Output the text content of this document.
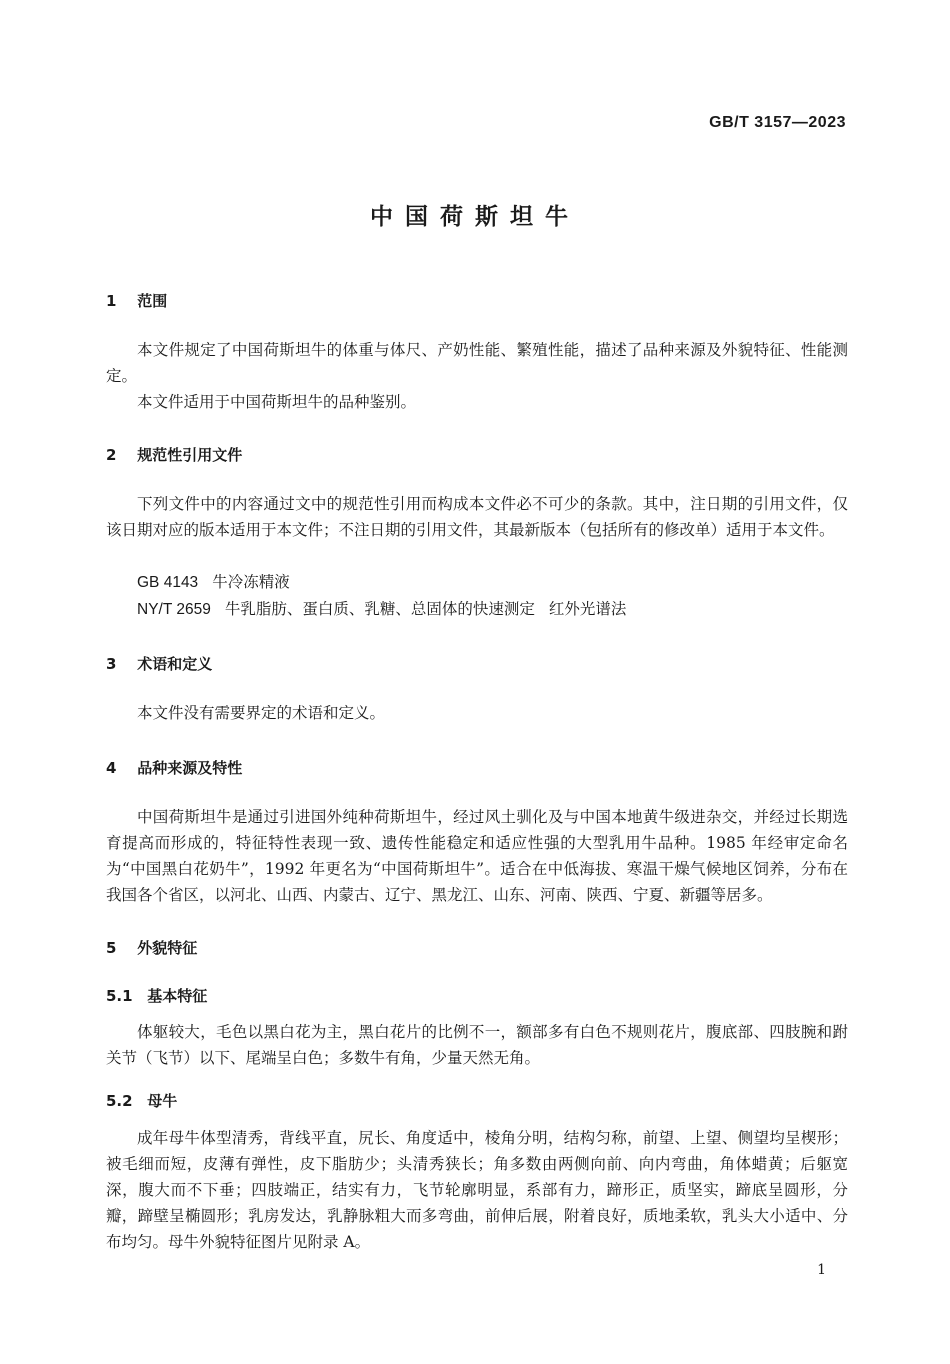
GB/T 3157—2023
中国荷斯坦牛
1 范围
本文件规定了中国荷斯坦牛的体重与体尺、产奶性能、繁殖性能，描述了品种来源及外貌特征、性能测定。
本文件适用于中国荷斯坦牛的品种鉴别。
2 规范性引用文件
下列文件中的内容通过文中的规范性引用而构成本文件必不可少的条款。其中，注日期的引用文件，仅该日期对应的版本适用于本文件；不注日期的引用文件，其最新版本（包括所有的修改单）适用于本文件。
GB 4143 牛冷冻精液
NY/T 2659 牛乳脂肪、蛋白质、乳糖、总固体的快速测定 红外光谱法
3 术语和定义
本文件没有需要界定的术语和定义。
4 品种来源及特性
中国荷斯坦牛是通过引进国外纯种荷斯坦牛，经过风土驯化及与中国本地黄牛级进杂交，并经过长期选育提高而形成的，特征特性表现一致、遗传性能稳定和适应性强的大型乳用牛品种。1985 年经审定命名为“中国黑白花奶牛”，1992 年更名为“中国荷斯坦牛”。适合在中低海拔、寒温干燥气候地区饲养，分布在我国各个省区，以河北、山西、内蒙古、辽宁、黑龙江、山东、河南、陕西、宁夏、新疆等居多。
5 外貌特征
5.1 基本特征
体躯较大，毛色以黑白花为主，黑白花片的比例不一，额部多有白色不规则花片，腹底部、四肢腕和跗关节（飞节）以下、尾端呈白色；多数牛有角，少量天然无角。
5.2 母牛
成年母牛体型清秀，背线平直，尻长、角度适中，棱角分明，结构匀称，前望、上望、侧望均呈楔形；被毛细而短，皮薄有弹性，皮下脂肪少；头清秀狭长；角多数由两侧向前、向内弯曲，角体蜡黄；后躯宽深，腹大而不下垂；四肢端正，结实有力，飞节轮廓明显，系部有力，蹄形正，质坚实，蹄底呈圆形，分瓣，蹄壁呈椭圆形；乳房发达，乳静脉粗大而多弯曲，前伸后展，附着良好，质地柔软，乳头大小适中、分布均匀。母牛外貌特征图片见附录 A。
1
